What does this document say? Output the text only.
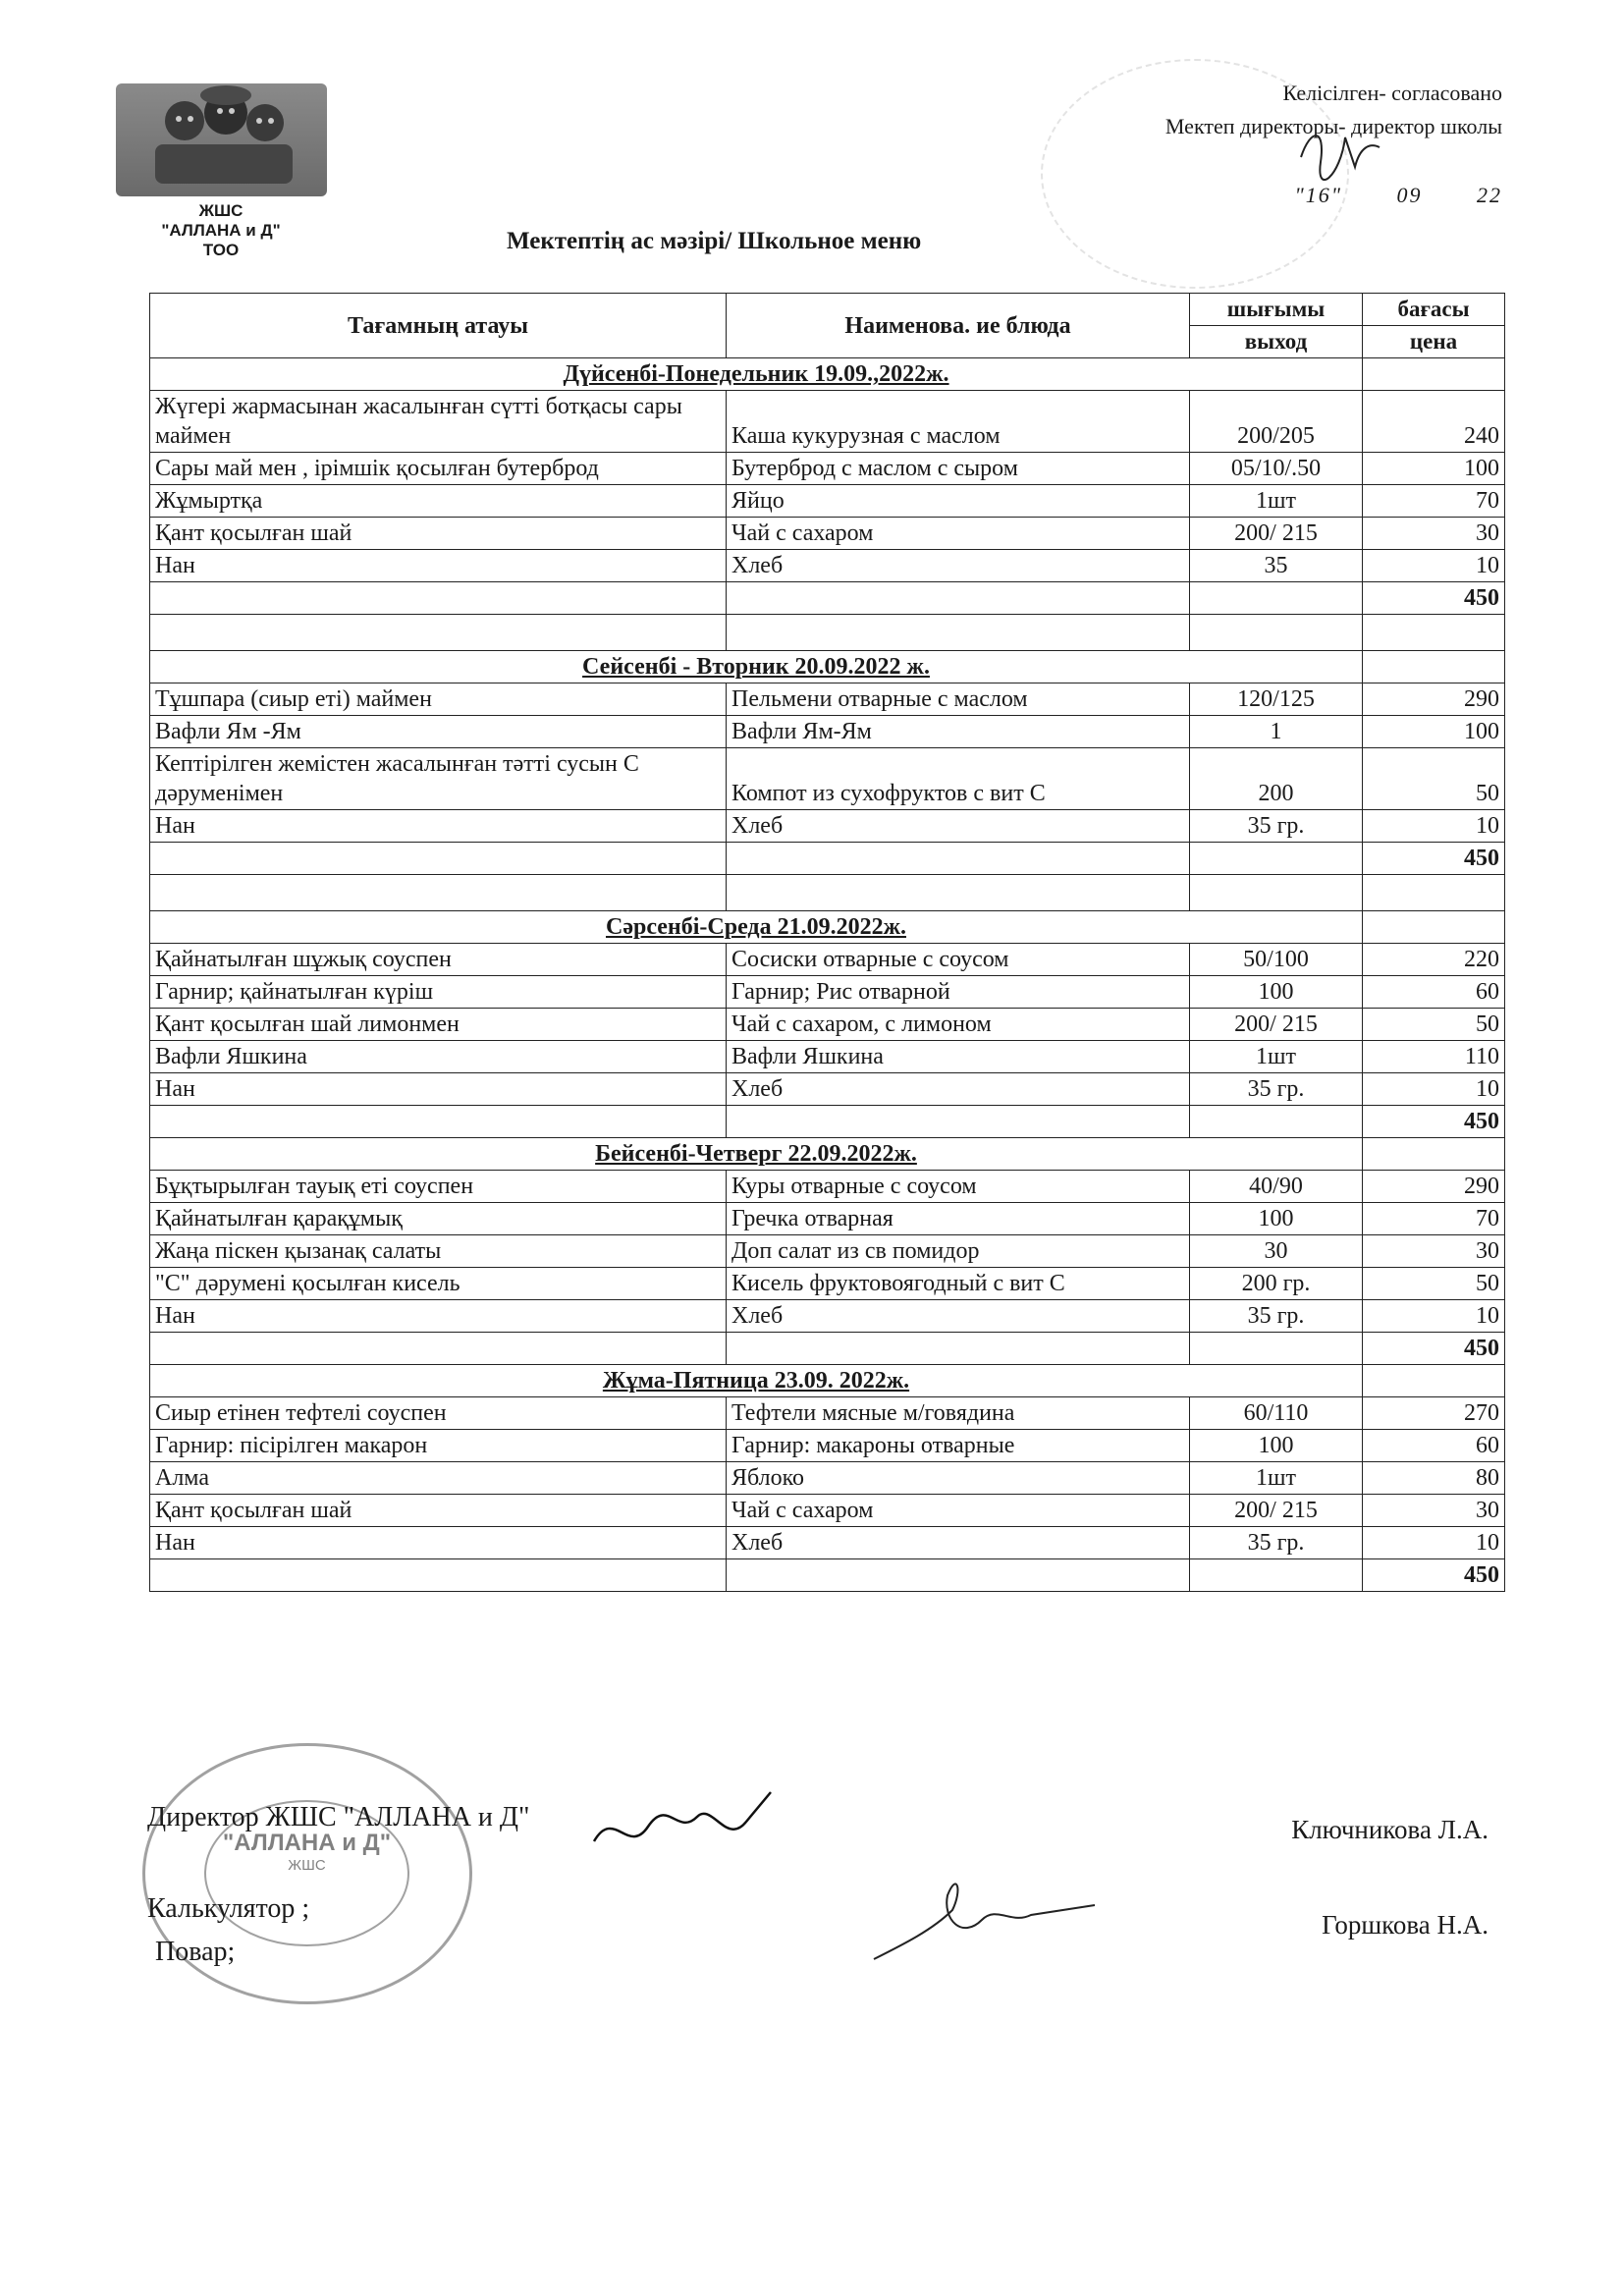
ЖШС
"АЛЛАНА и Д"
ТОО
Келісілген- согласовано
Мектеп директоры- директор школы
"16"	09	22
Мектептің ас мәзірі/ Школьное меню
Тағамның атауы	Наименова. ие блюда	шығымы	бағасы
		выход	цена
Дүйсенбі-Понедельник 19.09.,2022ж.			
Жүгері жармасынан жасалынған сүтті ботқасы сары маймен	Каша кукурузная с маслом	200/205	240
Сары май мен , ірімшік қосылған бутерброд	Бутерброд с маслом с сыром	05/10/.50	100
Жұмыртқа	Яйцо	1шт	70
Қант қосылған шай	Чай с сахаром	200/ 215	30
Нан	Хлеб	35	10
			450

Сейсенбі - Вторник 20.09.2022 ж.			
Тұшпара (сиыр еті) маймен	Пельмени отварные с маслом	120/125	290
Вафли Ям -Ям	Вафли Ям-Ям	1	100
Кептірілген жемістен жасалынған тәтті сусын С дәруменімен	Компот из сухофруктов с вит С	200	50
Нан	Хлеб	35 гр.	10
			450

Сәрсенбі-Среда 21.09.2022ж.			
Қайнатылған шұжық соуспен	Сосиски отварные с соусом	50/100	220
Гарнир; қайнатылған күріш	Гарнир; Рис отварной	100	60
Қант қосылған шай лимонмен	Чай с сахаром, с лимоном	200/ 215	50
Вафли Яшкина	Вафли Яшкина	1шт	110
Нан	Хлеб	35 гр.	10
			450
Бейсенбі-Четверг 22.09.2022ж.			
Бұқтырылған тауық еті соуспен	Куры отварные с соусом	40/90	290
Қайнатылған қарақұмық	Гречка отварная	100	70
Жаңа піскен қызанақ салаты	Доп салат из св помидор	30	30
"С" дәрумені қосылған кисель	Кисель фруктовоягодный с вит С	200 гр.	50
Нан	Хлеб	35 гр.	10
			450
Жұма-Пятница 23.09. 2022ж.			
Сиыр етінен тефтелі соуспен	Тефтели мясные м/говядина	60/110	270
Гарнир: пісірілген макарон	Гарнир: макароны отварные	100	60
Алма	Яблоко	1шт	80
Қант қосылған шай	Чай с сахаром	200/ 215	30
Нан	Хлеб	35 гр.	10
			450
"АЛЛАНА и Д"
ЖШС
Директор ЖШС "АЛЛАНА и Д"	Ключникова Л.А.
Калькулятор ;
Горшкова Н.А.
Повар;
